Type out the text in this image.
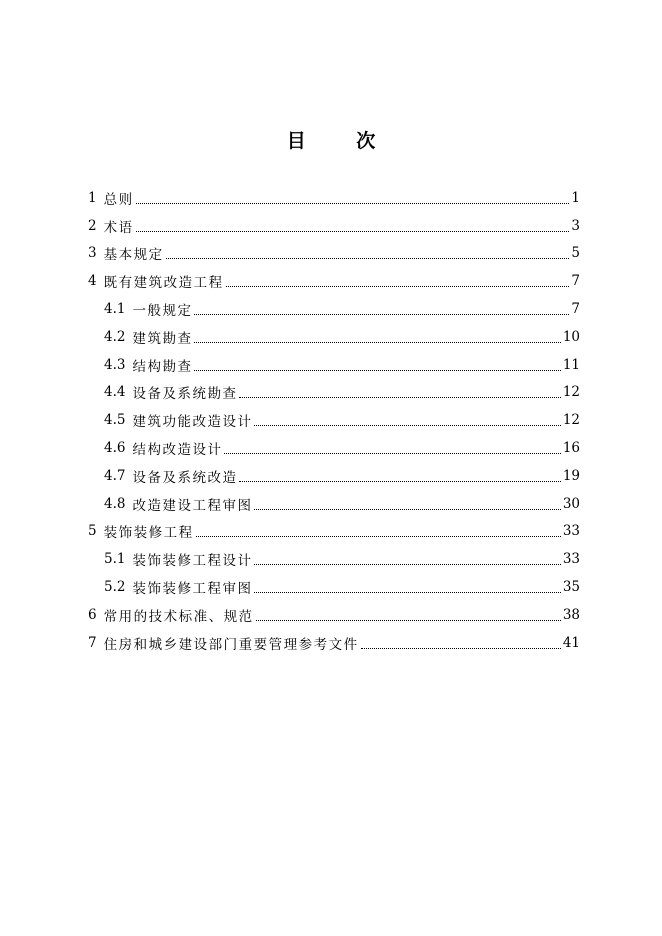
目 次
1 总则	1
2 术语	3
3 基本规定	5
4 既有建筑改造工程	7
4.1 一般规定	7
4.2 建筑勘查	10
4.3 结构勘查	11
4.4 设备及系统勘查	12
4.5 建筑功能改造设计	12
4.6 结构改造设计	16
4.7 设备及系统改造	19
4.8 改造建设工程审图	30
5 装饰装修工程	33
5.1 装饰装修工程设计	33
5.2 装饰装修工程审图	35
6 常用的技术标准、规范	38
7 住房和城乡建设部门重要管理参考文件	41
